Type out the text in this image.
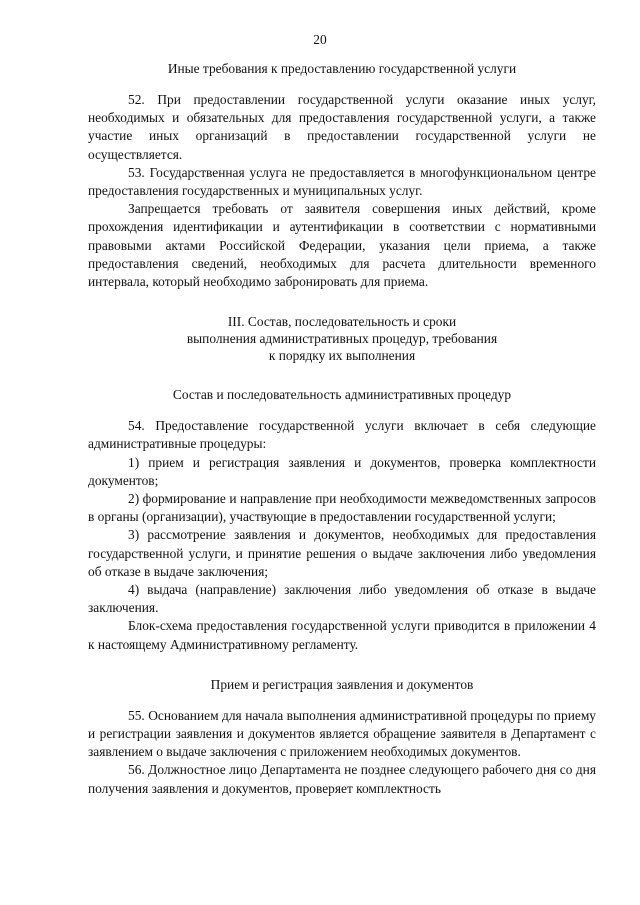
20

Иные требования к предоставлению государственной услуги

52. При предоставлении государственной услуги оказание иных услуг, необходимых и обязательных для предоставления государственной услуги, а также участие иных организаций в предоставлении государственной услуги не осуществляется.

53. Государственная услуга не предоставляется в многофункциональном центре предоставления государственных и муниципальных услуг.

Запрещается требовать от заявителя совершения иных действий, кроме прохождения идентификации и аутентификации в соответствии с нормативными правовыми актами Российской Федерации, указания цели приема, а также предоставления сведений, необходимых для расчета длительности временного интервала, который необходимо забронировать для приема.

III. Состав, последовательность и сроки

выполнения административных процедур, требования

к порядку их выполнения

Состав и последовательность административных процедур

54. Предоставление государственной услуги включает в себя следующие административные процедуры:

1) прием и регистрация заявления и документов, проверка комплектности документов;

2) формирование и направление при необходимости межведомственных запросов в органы (организации), участвующие в предоставлении государственной услуги;

3) рассмотрение заявления и документов, необходимых для предоставления государственной услуги, и принятие решения о выдаче заключения либо уведомления об отказе в выдаче заключения;

4) выдача (направление) заключения либо уведомления об отказе в выдаче заключения.

Блок-схема предоставления государственной услуги приводится в приложении 4 к настоящему Административному регламенту.

Прием и регистрация заявления и документов

55. Основанием для начала выполнения административной процедуры по приему и регистрации заявления и документов является обращение заявителя в Департамент с заявлением о выдаче заключения с приложением необходимых документов.

56. Должностное лицо Департамента не позднее следующего рабочего дня со дня получения заявления и документов, проверяет комплектность
